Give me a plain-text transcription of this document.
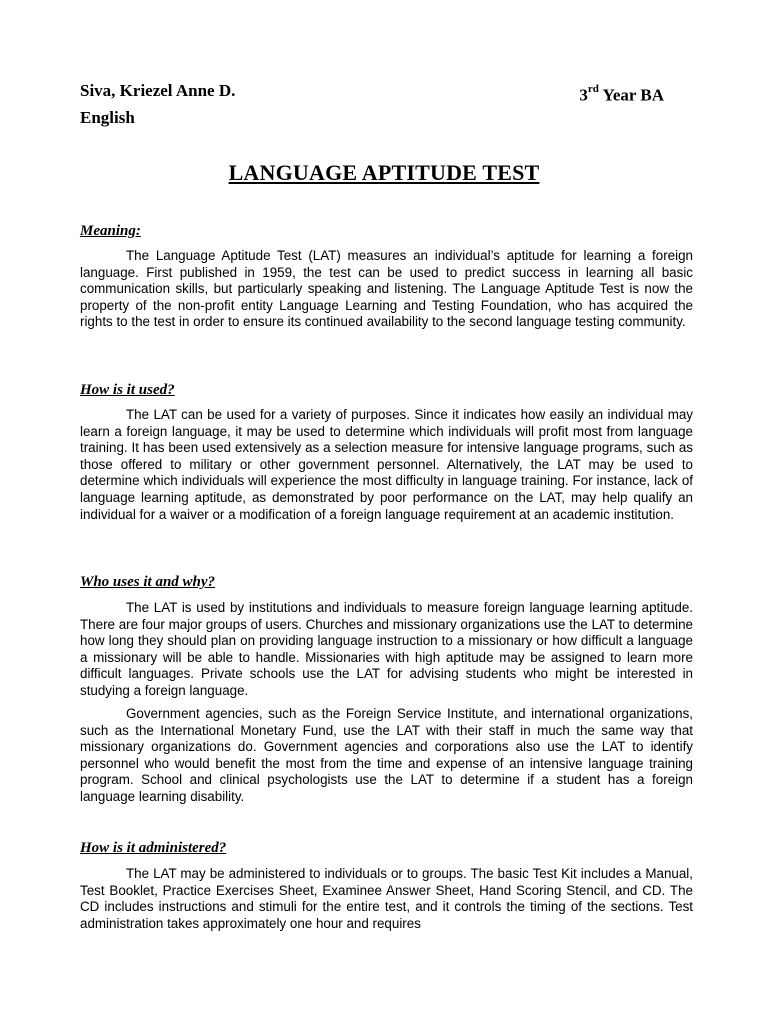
Siva, Kriezel Anne D.	3rd Year BA
English
LANGUAGE APTITUDE TEST
Meaning:

The Language Aptitude Test (LAT) measures an individual’s aptitude for learning a foreign language. First published in 1959, the test can be used to predict success in learning all basic communication skills, but particularly speaking and listening. The Language Aptitude Test is now the property of the non-profit entity Language Learning and Testing Foundation, who has acquired the rights to the test in order to ensure its continued availability to the second language testing community.

How is it used?

The LAT can be used for a variety of purposes. Since it indicates how easily an individual may learn a foreign language, it may be used to determine which individuals will profit most from language training. It has been used extensively as a selection measure for intensive language programs, such as those offered to military or other government personnel. Alternatively, the LAT may be used to determine which individuals will experience the most difficulty in language training. For instance, lack of language learning aptitude, as demonstrated by poor performance on the LAT, may help qualify an individual for a waiver or a modification of a foreign language requirement at an academic institution.

Who uses it and why?

The LAT is used by institutions and individuals to measure foreign language learning aptitude. There are four major groups of users. Churches and missionary organizations use the LAT to determine how long they should plan on providing language instruction to a missionary or how difficult a language a missionary will be able to handle. Missionaries with high aptitude may be assigned to learn more difficult languages. Private schools use the LAT for advising students who might be interested in studying a foreign language.

Government agencies, such as the Foreign Service Institute, and international organizations, such as the International Monetary Fund, use the LAT with their staff in much the same way that missionary organizations do. Government agencies and corporations also use the LAT to identify personnel who would benefit the most from the time and expense of an intensive language training program. School and clinical psychologists use the LAT to determine if a student has a foreign language learning disability.

How is it administered?

The LAT may be administered to individuals or to groups. The basic Test Kit includes a Manual, Test Booklet, Practice Exercises Sheet, Examinee Answer Sheet, Hand Scoring Stencil, and CD. The CD includes instructions and stimuli for the entire test, and it controls the timing of the sections. Test administration takes approximately one hour and requires
